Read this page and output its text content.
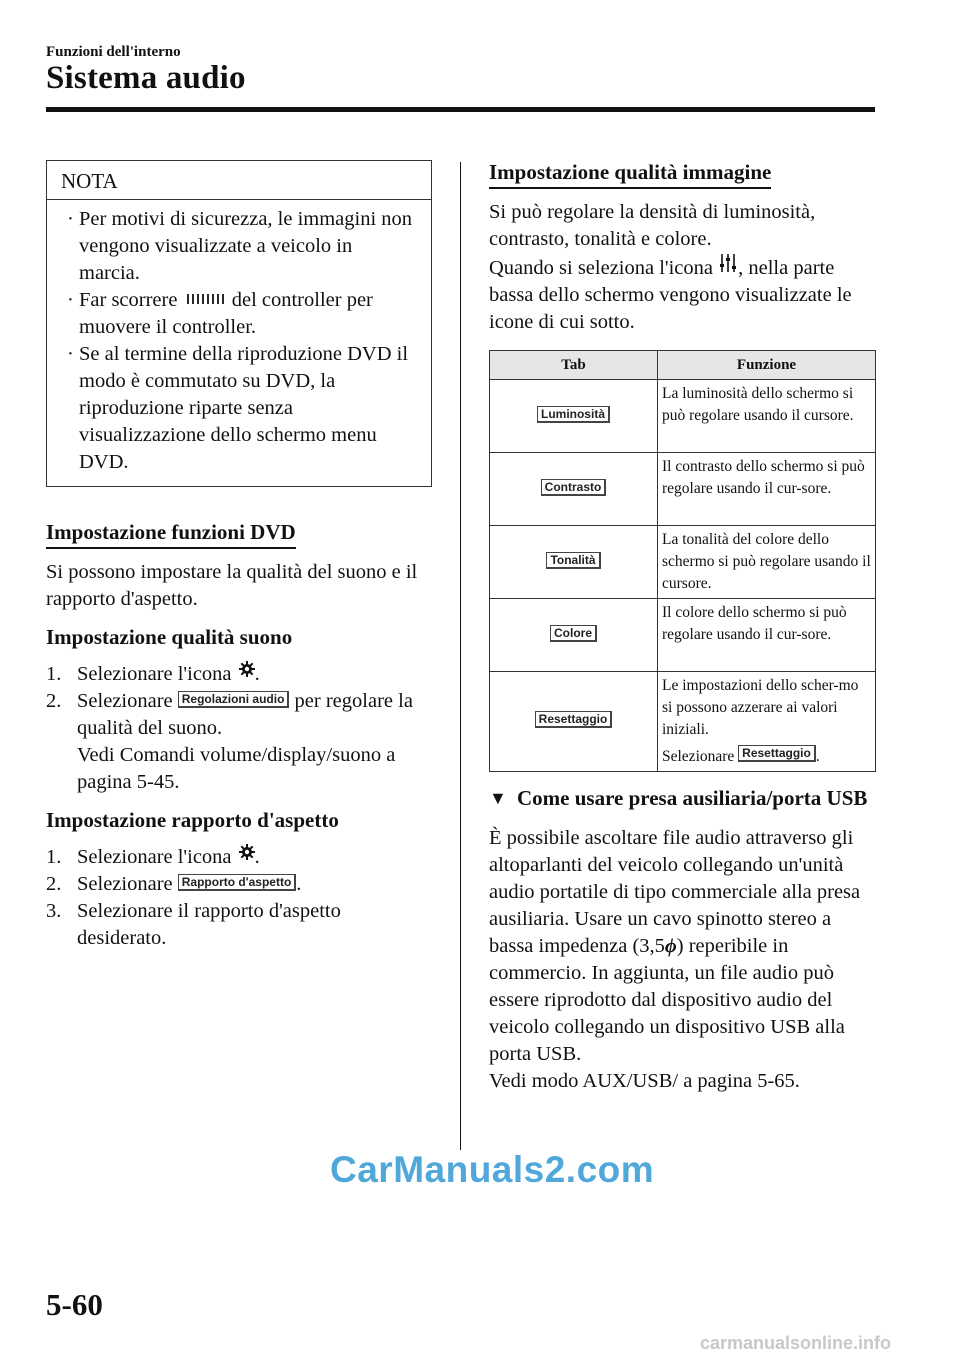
Funzioni dell'interno
Sistema audio
NOTA
· Per motivi di sicurezza, le immagini non vengono visualizzate a veicolo in marcia.
· Far scorrere	del controller per muovere il controller.
· Se al termine della riproduzione DVD il modo è commutato su DVD, la riproduzione riparte senza visualizzazione dello schermo menu DVD.
Impostazione funzioni DVD
Si possono impostare la qualità del suono e il rapporto d'aspetto.
Impostazione qualità suono
1. Selezionare l'icona .
2. Selezionare Regolazioni audio per regolare la qualità del suono.
Vedi Comandi volume/display/suono a pagina 5-45.
Impostazione rapporto d'aspetto
1. Selezionare l'icona .
2. Selezionare Rapporto d'aspetto .
3. Selezionare il rapporto d'aspetto desiderato.
Impostazione qualità immagine
Si può regolare la densità di luminosità, contrasto, tonalità e colore.
Quando si seleziona l'icona , nella parte bassa dello schermo vengono visualizzate le icone di cui sotto.
Tab	Funzione
Luminosità	La luminosità dello schermo si può regolare usando il cursore.
Contrasto	Il contrasto dello schermo si può regolare usando il cur-sore.
Tonalità	La tonalità del colore dello schermo si può regolare usando il cursore.
Colore	Il colore dello schermo si può regolare usando il cur-sore.
Resettaggio	Le impostazioni dello scher-mo si possono azzerare ai valori iniziali.
Selezionare Resettaggio .
▼ Come usare presa ausiliaria/porta USB
È possibile ascoltare file audio attraverso gli altoparlanti del veicolo collegando un'unità audio portatile di tipo commerciale alla presa ausiliaria. Usare un cavo spinotto stereo a bassa impedenza (3,5ϕ) reperibile in commercio. In aggiunta, un file audio può essere riprodotto dal dispositivo audio del veicolo collegando un dispositivo USB alla porta USB.
Vedi modo AUX/USB/ a pagina 5-65.
CarManuals2.com
5-60
carmanualsonline.info
